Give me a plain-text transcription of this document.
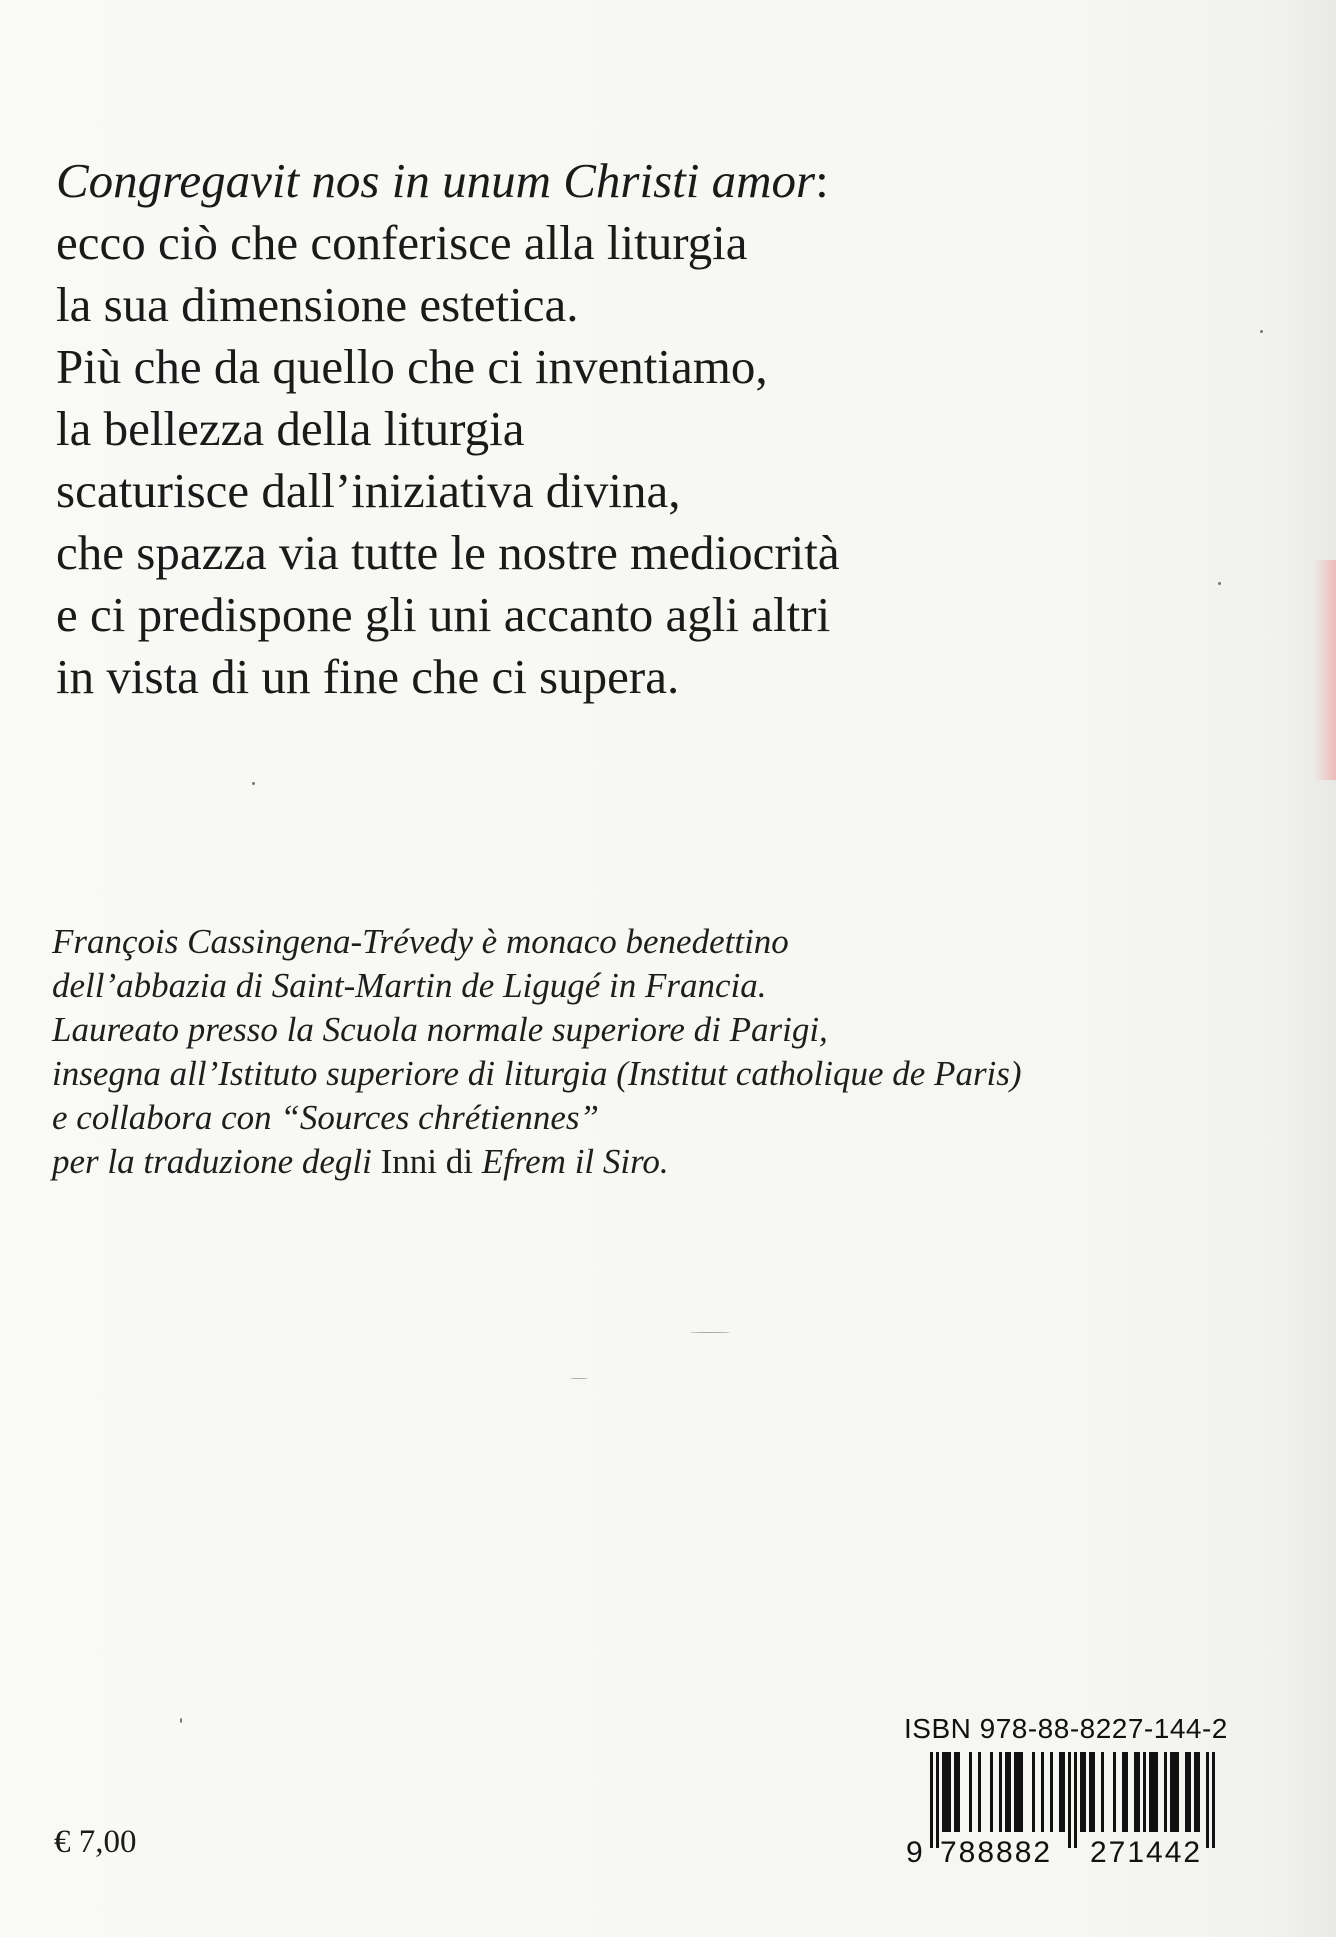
Congregavit nos in unum Christi amor:
ecco ciò che conferisce alla liturgia
la sua dimensione estetica.
Più che da quello che ci inventiamo,
la bellezza della liturgia
scaturisce dall’iniziativa divina,
che spazza via tutte le nostre mediocrità
e ci predispone gli uni accanto agli altri
in vista di un fine che ci supera.
François Cassingena-Trévedy è monaco benedettino
dell’abbazia di Saint-Martin de Ligugé in Francia.
Laureato presso la Scuola normale superiore di Parigi,
insegna all’Istituto superiore di liturgia (Institut catholique de Paris)
e collabora con “Sources chrétiennes”
per la traduzione degli Inni di Efrem il Siro.
€ 7,00
ISBN 978-88-8227-144-2
9 788882 271442
